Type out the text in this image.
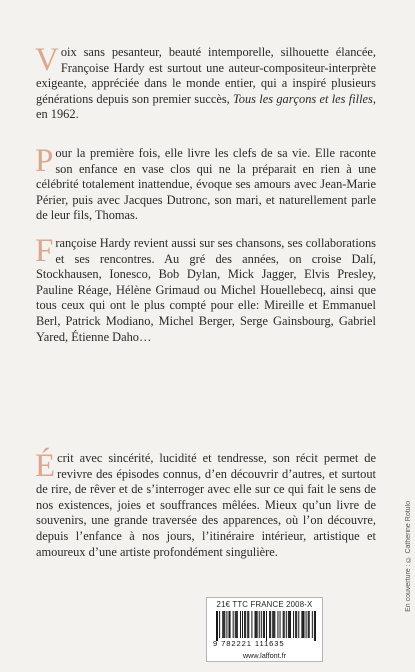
Voix sans pesanteur, beauté intemporelle, silhouette élancée, Françoise Hardy est surtout une auteur-compositeur-interprète exigeante, appréciée dans le monde entier, qui a inspiré plusieurs générations depuis son premier succès, Tous les garçons et les filles, en 1962.

Pour la première fois, elle livre les clefs de sa vie. Elle raconte son enfance en vase clos qui ne la préparait en rien à une célébrité totalement inattendue, évoque ses amours avec Jean-Marie Périer, puis avec Jacques Dutronc, son mari, et naturellement parle de leur fils, Thomas.

Françoise Hardy revient aussi sur ses chansons, ses collaborations et ses rencontres. Au gré des années, on croise Dalí, Stockhausen, Ionesco, Bob Dylan, Mick Jagger, Elvis Presley, Pauline Réage, Hélène Grimaud ou Michel Houellebecq, ainsi que tous ceux qui ont le plus compté pour elle: Mireille et Emmanuel Berl, Patrick Modiano, Michel Berger, Serge Gainsbourg, Gabriel Yared, Étienne Daho…

Écrit avec sincérité, lucidité et tendresse, son récit permet de revivre des épisodes connus, d’en découvrir d’autres, et surtout de rire, de rêver et de s’interroger avec elle sur ce qui fait le sens de nos existences, joies et souffrances mêlées. Mieux qu’un livre de souvenirs, une grande traversée des apparences, où l’on découvre, depuis l’enfance à nos jours, l’itinéraire intérieur, artistique et amoureux d’une artiste profondément singulière.	En couverture : © Catherine Rotulo
21€ TTC FRANCE 2008-X
9 782221 111635
www.laffont.fr
